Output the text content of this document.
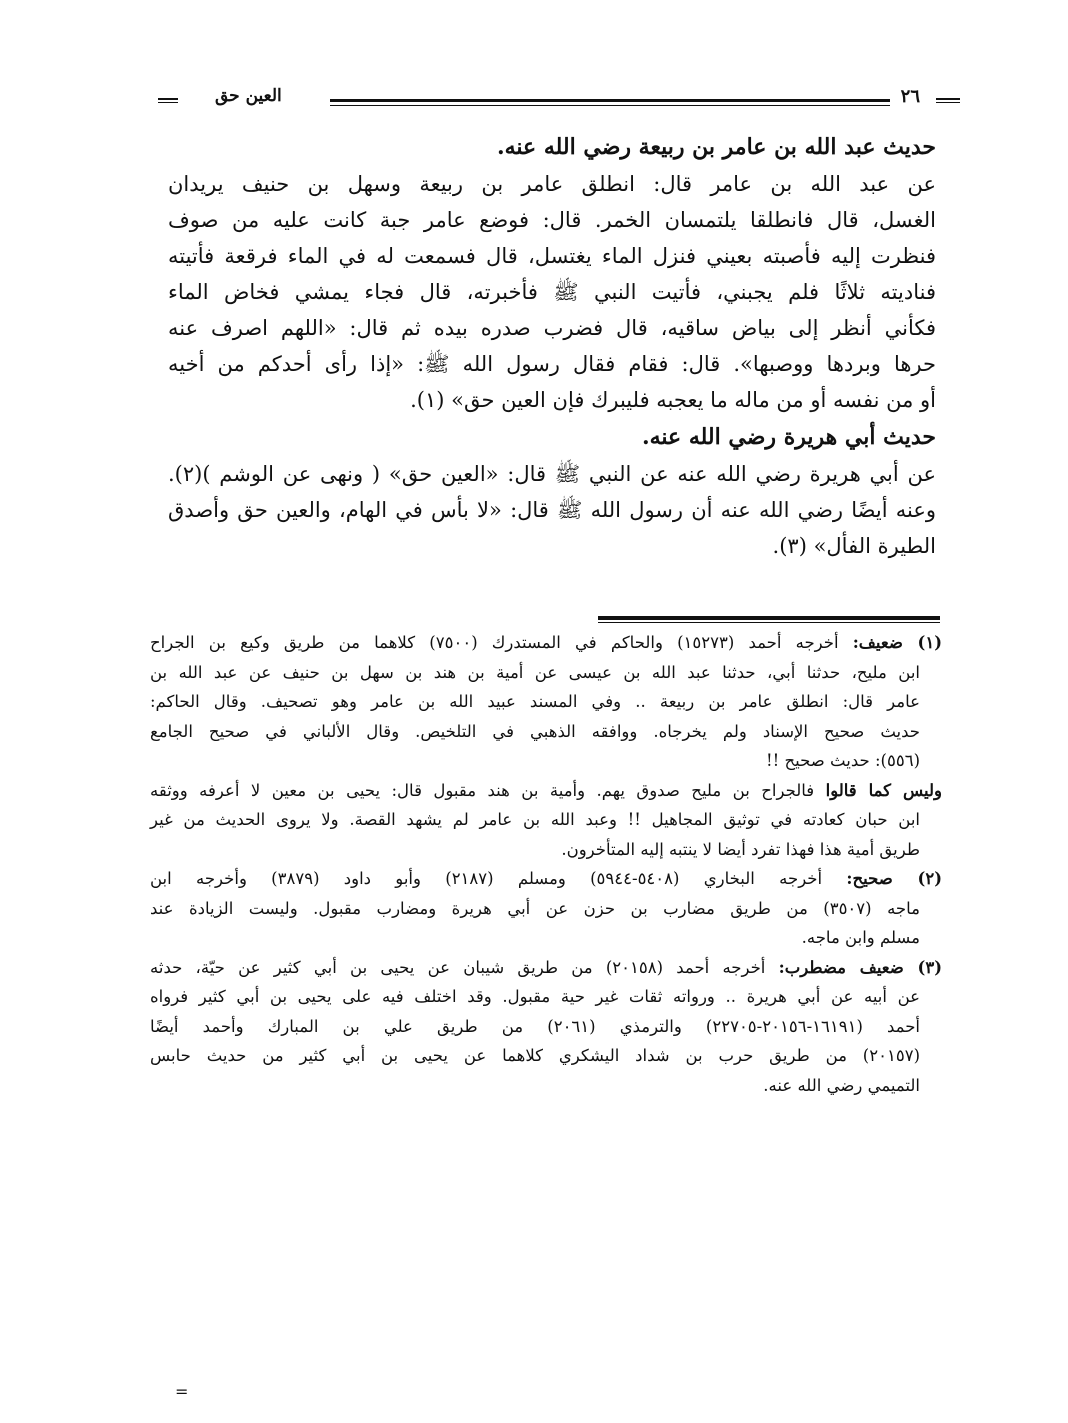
٢٦
العين حق
حديث عبد الله بن عامر بن ربيعة رضي الله عنه.
عن عبد الله بن عامر قال: انطلق عامر بن ربيعة وسهل بن حنيف يريدان
الغسل، قال فانطلقا يلتمسان الخمر. قال: فوضع عامر جبة كانت عليه من صوف
فنظرت إليه فأصبته بعيني فنزل الماء يغتسل، قال فسمعت له في الماء فرقعة فأتيته
فناديته ثلاثًا فلم يجبني، فأتيت النبي ﷺ فأخبرته، قال فجاء يمشي فخاض الماء
فكأني أنظر إلى بياض ساقيه، قال فضرب صدره بيده ثم قال: «اللهم اصرف عنه
حرها وبردها ووصبها». قال: فقام فقال رسول الله ﷺ: «إذا رأى أحدكم من أخيه
أو من نفسه أو من ماله ما يعجبه فليبرك فإن العين حق» (١).
حديث أبي هريرة رضي الله عنه.
عن أبي هريرة رضي الله عنه عن النبي ﷺ قال: «العين حق» ( ونهى عن الوشم )(٢).
وعنه أيضًا رضي الله عنه أن رسول الله ﷺ قال: «لا بأس في الهام، والعين حق وأصدق
الطيرة الفأل» (٣).
(١) ضعيف: أخرجه أحمد (١٥٢٧٣) والحاكم في المستدرك (٧٥٠٠) كلاهما من طريق وكيع بن الجراح
ابن مليح، حدثنا أبي، حدثنا عبد الله بن عيسى عن أمية بن هند بن سهل بن حنيف عن عبد الله بن
عامر قال: انطلق عامر بن ربيعة .. وفي المسند عبيد الله بن عامر وهو تصحيف. وقال الحاكم:
حديث صحيح الإسناد ولم يخرجاه. ووافقه الذهبي في التلخيص. وقال الألباني في صحيح الجامع
(٥٥٦): حديث صحيح !!
وليس كما قالوا فالجراح بن مليح صدوق يهم. وأمية بن هند مقبول قال: يحيى بن معين لا أعرفه ووثقه
ابن حبان كعادته في توثيق المجاهيل !! وعبد الله بن عامر لم يشهد القصة. ولا يروى الحديث من غير
طريق أمية هذا فهذا تفرد أيضا لا ينتبه إليه المتأخرون.
(٢) صحيح: أخرجه البخاري (٥٤٠٨-٥٩٤٤) ومسلم (٢١٨٧) وأبو داود (٣٨٧٩) وأخرجه ابن
ماجه (٣٥٠٧) من طريق مضارب بن حزن عن أبي هريرة ومضارب مقبول. وليست الزيادة عند
مسلم وابن ماجه.
(٣) ضعيف مضطرب: أخرجه أحمد (٢٠١٥٨) من طريق شيبان عن يحيى بن أبي كثير عن حيّة، حدثه
عن أبيه عن أبي هريرة .. ورواته ثقات غير حية مقبول. وقد اختلف فيه على يحيى بن أبي كثير فرواه
أحمد (١٦١٩١-٢٠١٥٦-٢٢٧٠٥) والترمذي (٢٠٦١) من طريق علي بن المبارك وأحمد أيضًا
(٢٠١٥٧) من طريق حرب بن شداد اليشكري كلاهما عن يحيى بن أبي كثير من حديث حابس
التميمي رضي الله عنه.
=
